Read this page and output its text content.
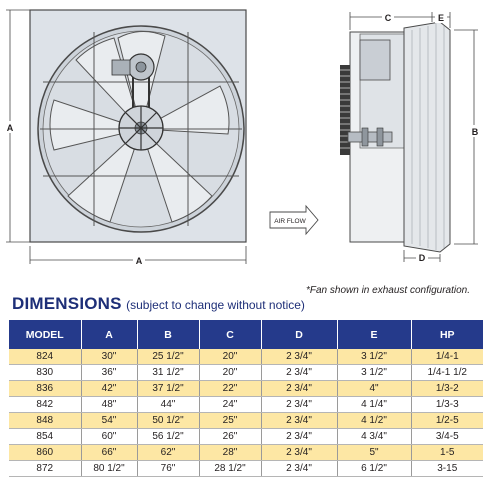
A
A
C	E
B
D
AIR FLOW
*Fan shown in exhaust configuration.
DIMENSIONS (subject to change without notice)
MODEL	A	B	C	D	E	HP
824	30"	25 1/2"	20"	2 3/4"	3 1/2"	1/4-1
830	36"	31 1/2"	20"	2 3/4"	3 1/2"	1/4-1 1/2
836	42"	37 1/2"	22"	2 3/4"	4"	1/3-2
842	48"	44"	24"	2 3/4"	4 1/4"	1/3-3
848	54"	50 1/2"	25"	2 3/4"	4 1/2"	1/2-5
854	60"	56 1/2"	26"	2 3/4"	4 3/4"	3/4-5
860	66"	62"	28"	2 3/4"	5"	1-5
872	80 1/2"	76"	28 1/2"	2 3/4"	6 1/2"	3-15
